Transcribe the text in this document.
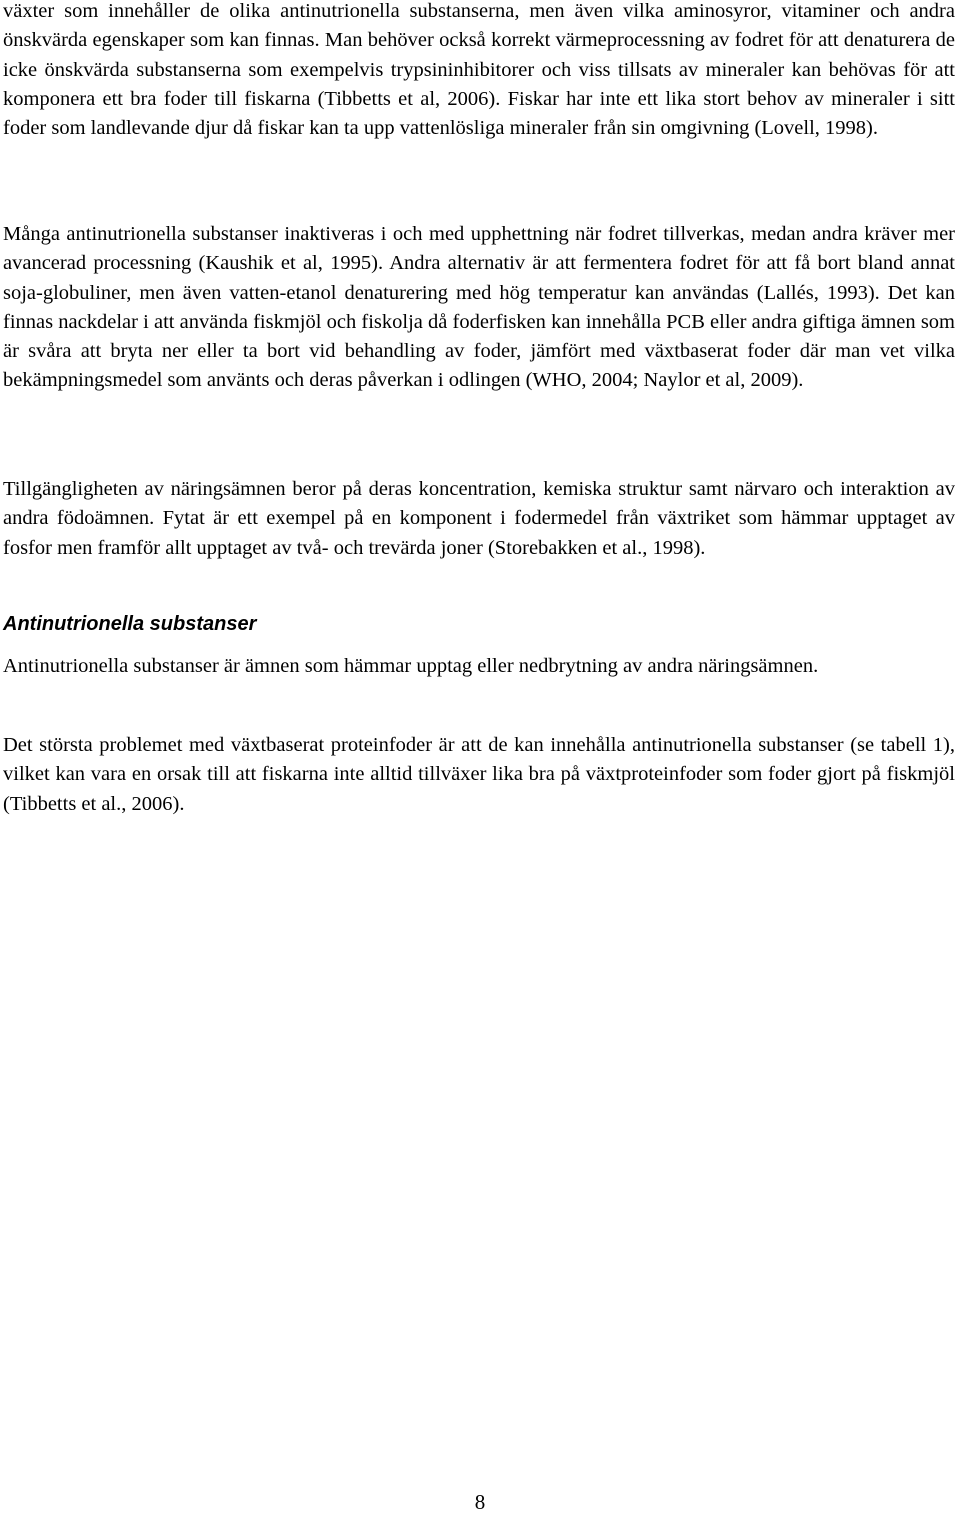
växter som innehåller de olika antinutrionella substanserna, men även vilka aminosyror, vitaminer och andra önskvärda egenskaper som kan finnas. Man behöver också korrekt värmeprocessning av fodret för att denaturera de icke önskvärda substanserna som exempelvis trypsininhibitorer och viss tillsats av mineraler kan behövas för att komponera ett bra foder till fiskarna (Tibbetts et al, 2006). Fiskar har inte ett lika stort behov av mineraler i sitt foder som landlevande djur då fiskar kan ta upp vattenlösliga mineraler från sin omgivning (Lovell, 1998).

Många antinutrionella substanser inaktiveras i och med upphettning när fodret tillverkas, medan andra kräver mer avancerad processning (Kaushik et al, 1995). Andra alternativ är att fermentera fodret för att få bort bland annat soja-globuliner, men även vatten-etanol denaturering med hög temperatur kan användas (Lallés, 1993). Det kan finnas nackdelar i att använda fiskmjöl och fiskolja då foderfisken kan innehålla PCB eller andra giftiga ämnen som är svåra att bryta ner eller ta bort vid behandling av foder, jämfört med växtbaserat foder där man vet vilka bekämpningsmedel som använts och deras påverkan i odlingen (WHO, 2004; Naylor et al, 2009).

Tillgängligheten av näringsämnen beror på deras koncentration, kemiska struktur samt närvaro och interaktion av andra födoämnen. Fytat är ett exempel på en komponent i fodermedel från växtriket som hämmar upptaget av fosfor men framför allt upptaget av två- och trevärda joner (Storebakken et al., 1998).

Antinutrionella substanser

Antinutrionella substanser är ämnen som hämmar upptag eller nedbrytning av andra näringsämnen.

Det största problemet med växtbaserat proteinfoder är att de kan innehålla antinutrionella substanser (se tabell 1), vilket kan vara en orsak till att fiskarna inte alltid tillväxer lika bra på växtproteinfoder som foder gjort på fiskmjöl (Tibbetts et al., 2006).

8
